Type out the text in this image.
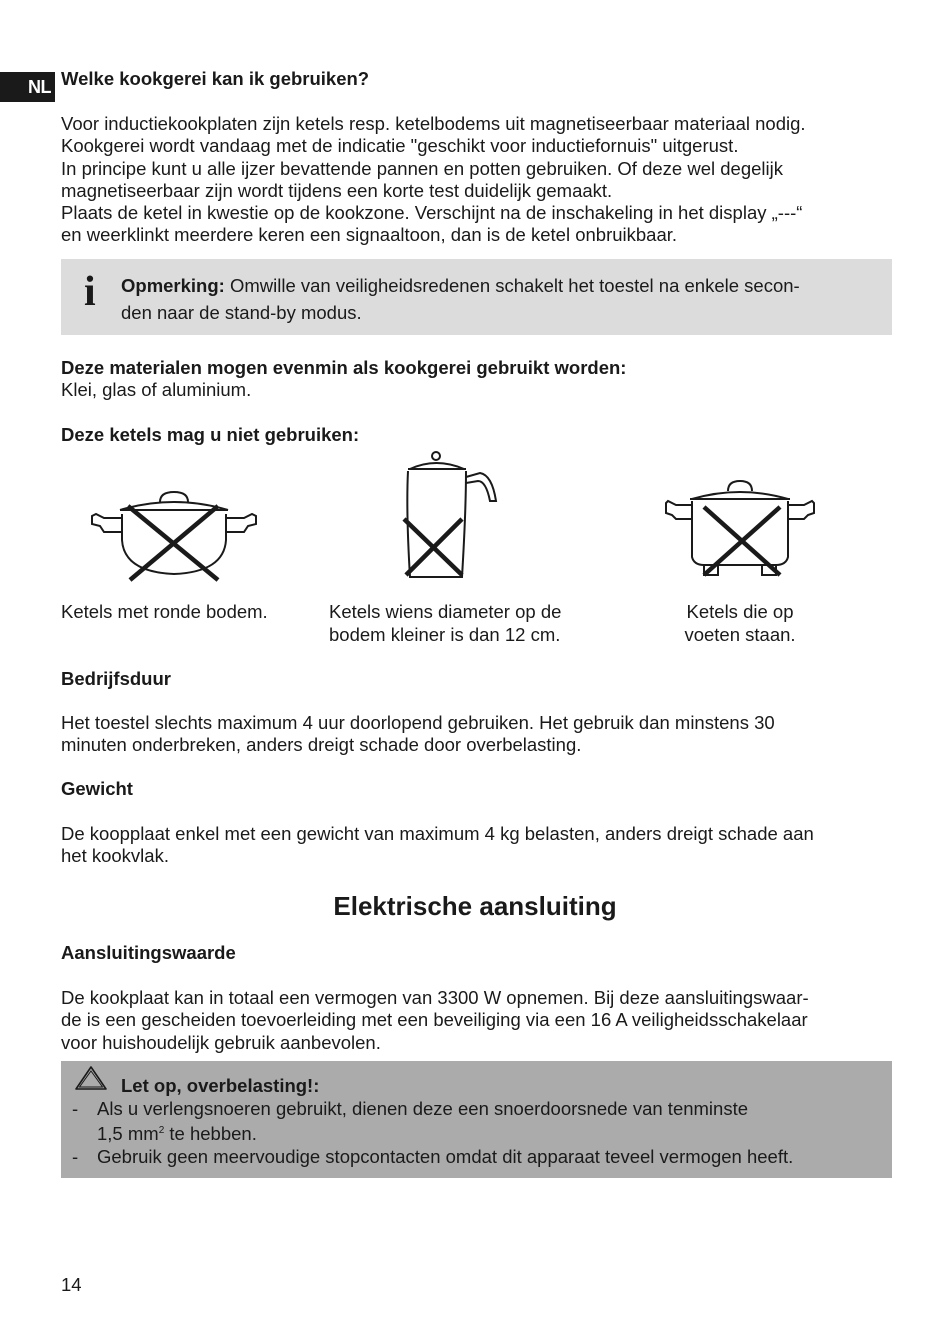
NL Welke kookgerei kan ik gebruiken?
Voor inductiekookplaten zijn ketels resp. ketelbodems uit magnetiseerbaar materiaal nodig.
Kookgerei wordt vandaag met de indicatie "geschikt voor inductiefornuis" uitgerust.
In principe kunt u alle ijzer bevattende pannen en potten gebruiken. Of deze wel degelijk
magnetiseerbaar zijn wordt tijdens een korte test duidelijk gemaakt.
Plaats de ketel in kwestie op de kookzone. Verschijnt na de inschakeling in het display „---“
en weerklinkt meerdere keren een signaaltoon, dan is de ketel onbruikbaar.
i	Opmerking: Omwille van veiligheidsredenen schakelt het toestel na enkele secon-
den naar de stand-by modus.
Deze materialen mogen evenmin als kookgerei gebruikt worden:
Klei, glas of aluminium.
Deze ketels mag u niet gebruiken:
Ketels met ronde bodem.	Ketels wiens diameter op de
bodem kleiner is dan 12 cm.
Ketels die op
voeten staan.
Bedrijfsduur
Het toestel slechts maximum 4 uur doorlopend gebruiken. Het gebruik dan minstens 30
minuten onderbreken, anders dreigt schade door overbelasting.
Gewicht
De koopplaat enkel met een gewicht van maximum 4 kg belasten, anders dreigt schade aan
het kookvlak.
Elektrische aansluiting
Aansluitingswaarde
De kookplaat kan in totaal een vermogen van 3300 W opnemen. Bij deze aansluitingswaar-
de is een gescheiden toevoerleiding met een beveiliging via een 16 A veiligheidsschakelaar
voor huishoudelijk gebruik aanbevolen.
Let op, overbelasting!:
-	Als u verlengsnoeren gebruikt, dienen deze een snoerdoorsnede van tenminste
1,5 $mm^2$ te hebben.
-	Gebruik geen meervoudige stopcontacten omdat dit apparaat teveel vermogen heeft.
14
